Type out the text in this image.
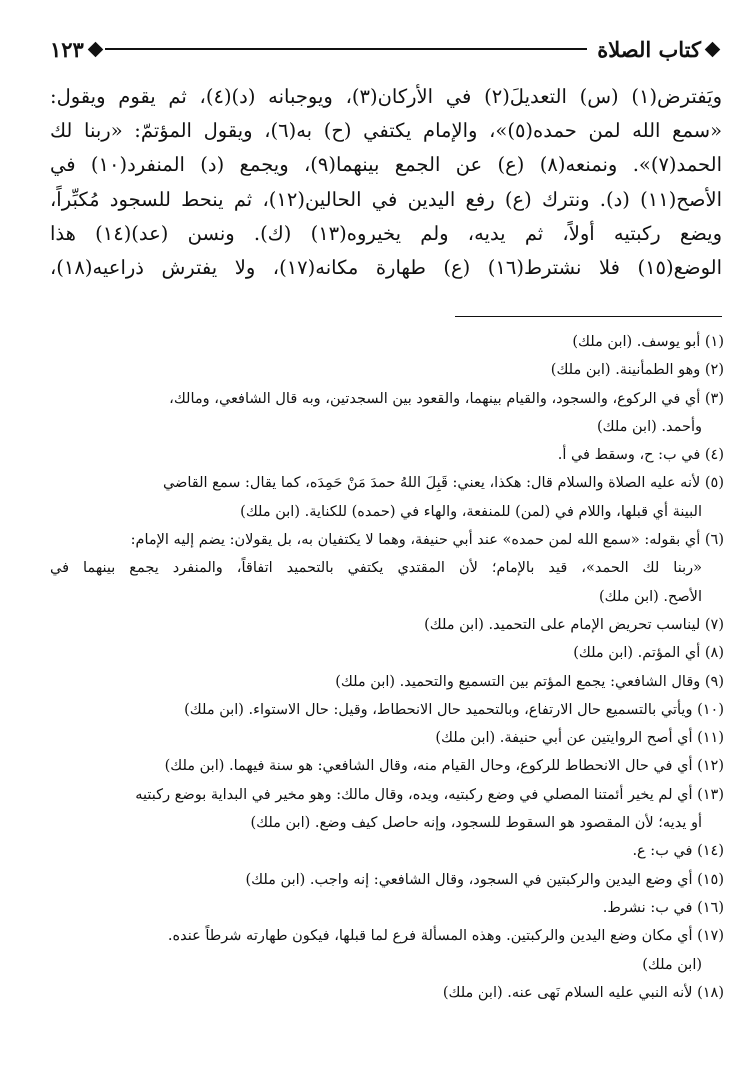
كتاب الصلاة
١٢٣
ويَفترض(١) (س) التعديلَ(٢) في الأركان(٣)، ويوجبانه (د)(٤)، ثم يقوم ويقول:
«سمع الله لمن حمده(٥)»، والإمام يكتفي (ح) به(٦)، ويقول المؤتمّ: «ربنا لك
الحمد(٧)». ونمنعه(٨) (ع) عن الجمع بينهما(٩)، ويجمع (د) المنفرد(١٠) في
الأصح(١١) (د). ونترك (ع) رفع اليدين في الحالين(١٢)، ثم ينحط للسجود مُكبِّراً،
ويضع ركبتيه أولاً، ثم يديه، ولم يخيروه(١٣) (ك). ونسن (عد)(١٤) هذا
الوضع(١٥) فلا نشترط(١٦) (ع) طهارة مكانه(١٧)، ولا يفترش ذراعيه(١٨)،
(١) أبو يوسف. (ابن ملك)
(٢) وهو الطمأنينة. (ابن ملك)
(٣) أي في الركوع، والسجود، والقيام بينهما، والقعود بين السجدتين، وبه قال الشافعي، ومالك،
وأحمد. (ابن ملك)
(٤) في ب: ح، وسقط في أ.
(٥) لأنه عليه الصلاة والسلام قال: هكذا، يعني: قَبِلَ اللهُ حمدَ مَنْ حَمِدَه، كما يقال: سمع القاضي
البينة أي قبلها، واللام في (لمن) للمنفعة، والهاء في (حمده) للكناية. (ابن ملك)
(٦) أي بقوله: «سمع الله لمن حمده» عند أبي حنيفة، وهما لا يكتفيان به، بل يقولان: يضم إليه الإمام:
«ربنا لك الحمد»، قيد بالإمام؛ لأن المقتدي يكتفي بالتحميد اتفاقاً، والمنفرد يجمع بينهما في
الأصح. (ابن ملك)
(٧) ليناسب تحريض الإمام على التحميد. (ابن ملك)
(٨) أي المؤتم. (ابن ملك)
(٩) وقال الشافعي: يجمع المؤتم بين التسميع والتحميد. (ابن ملك)
(١٠) ويأتي بالتسميع حال الارتفاع، وبالتحميد حال الانحطاط، وقيل: حال الاستواء. (ابن ملك)
(١١) أي أصح الروايتين عن أبي حنيفة. (ابن ملك)
(١٢) أي في حال الانحطاط للركوع، وحال القيام منه، وقال الشافعي: هو سنة فيهما. (ابن ملك)
(١٣) أي لم يخير أئمتنا المصلي في وضع ركبتيه، ويده، وقال مالك: وهو مخير في البداية بوضع ركبتيه
أو يديه؛ لأن المقصود هو السقوط للسجود، وإنه حاصل كيف وضع. (ابن ملك)
(١٤) في ب: ع.
(١٥) أي وضع اليدين والركبتين في السجود، وقال الشافعي: إنه واجب. (ابن ملك)
(١٦) في ب: نشرط.
(١٧) أي مكان وضع اليدين والركبتين. وهذه المسألة فرع لما قبلها، فيكون طهارته شرطاً عنده.
(ابن ملك)
(١٨) لأنه النبي عليه السلام نَهى عنه. (ابن ملك)
